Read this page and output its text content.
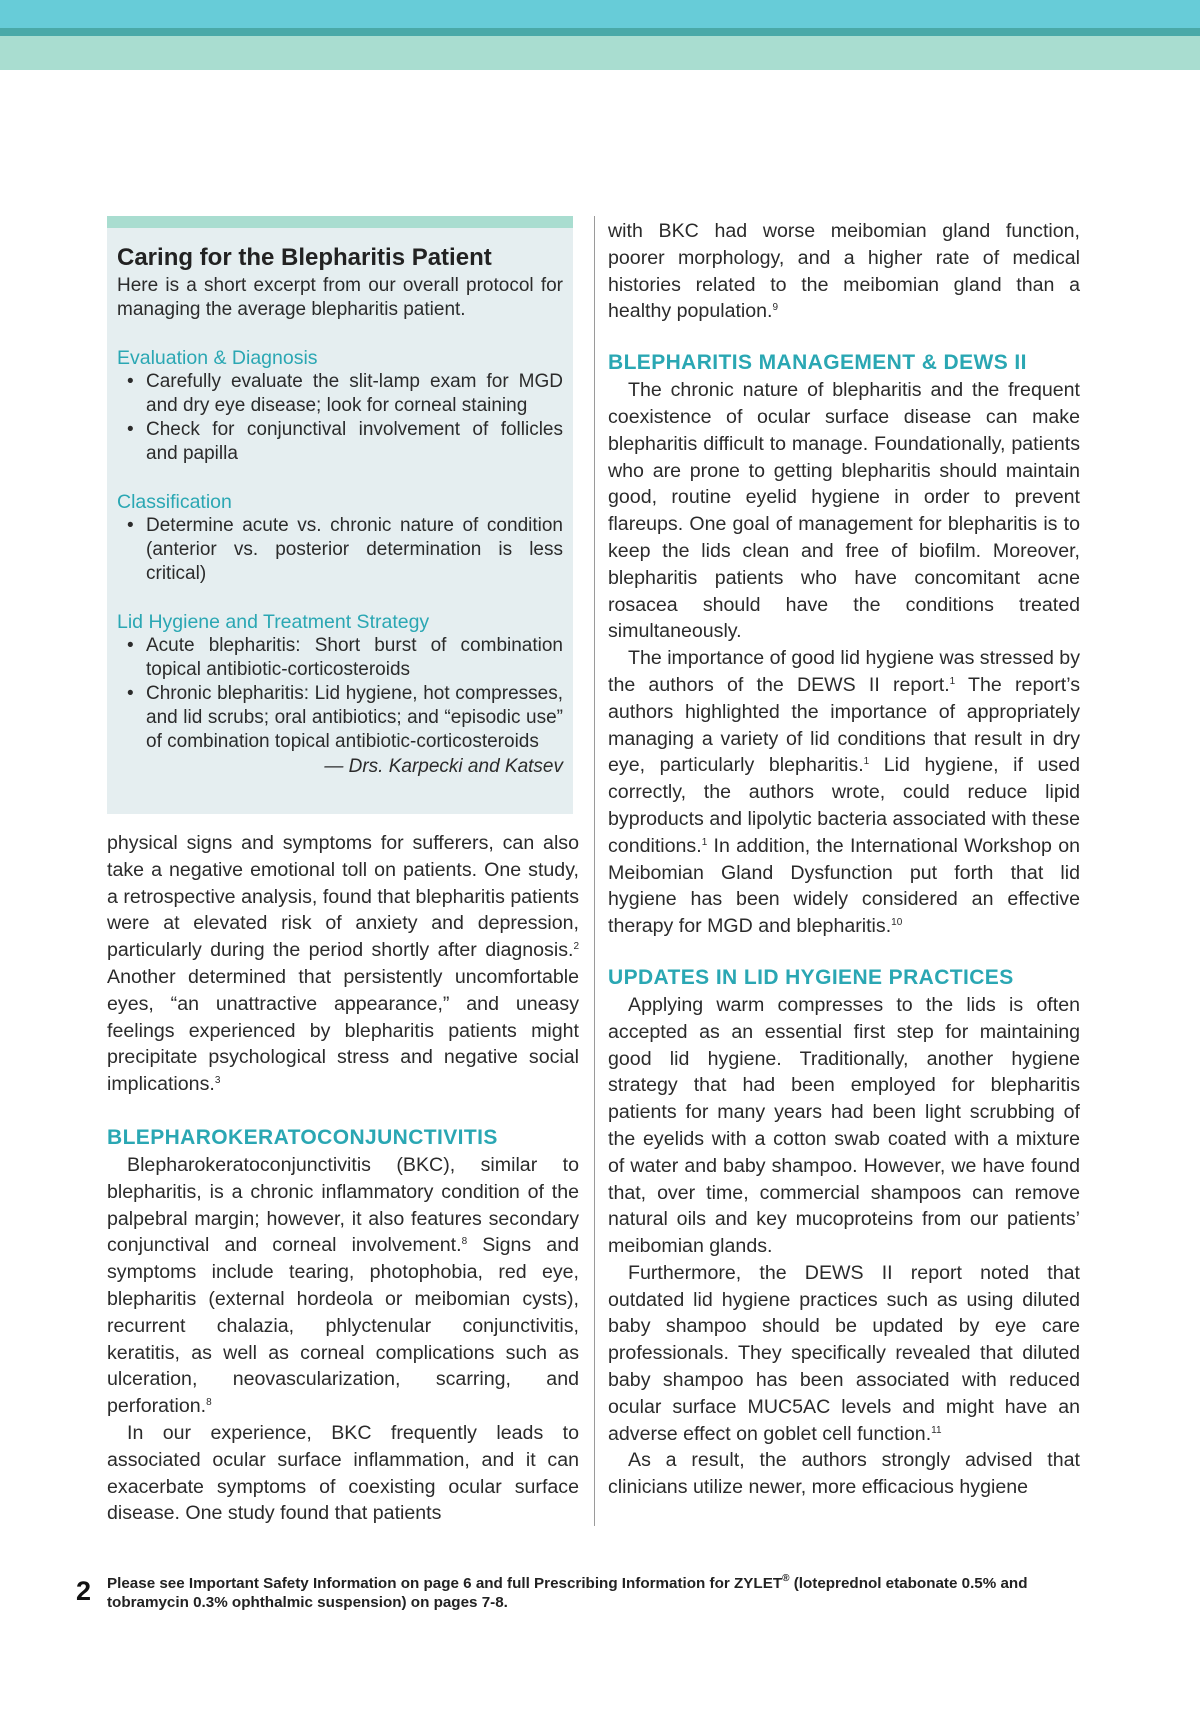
Caring for the Blepharitis Patient

Here is a short excerpt from our overall protocol for managing the average blepharitis patient.

Evaluation & Diagnosis

• Carefully evaluate the slit-lamp exam for MGD and dry eye disease; look for corneal staining
• Check for conjunctival involvement of follicles and papilla

Classification

• Determine acute vs. chronic nature of condition (anterior vs. posterior determination is less critical)

Lid Hygiene and Treatment Strategy

• Acute blepharitis: Short burst of combination topical antibiotic-corticosteroids
• Chronic blepharitis: Lid hygiene, hot compresses, and lid scrubs; oral antibiotics; and “episodic use” of combination topical antibiotic-corticosteroids

— Drs. Karpecki and Katsev

physical signs and symptoms for sufferers, can also take a negative emotional toll on patients. One study, a retrospective analysis, found that blepharitis patients were at elevated risk of anxiety and depression, particularly during the period shortly after diagnosis.$^2$ Another determined that persistently uncomfortable eyes, “an unattractive appearance,” and uneasy feelings experienced by blepharitis patients might precipitate psychological stress and negative social implications.$^3$

BLEPHAROKERATOCONJUNCTIVITIS

Blepharokeratoconjunctivitis (BKC), similar to blepharitis, is a chronic inflammatory condition of the palpebral margin; however, it also features secondary conjunctival and corneal involvement.$^8$ Signs and symptoms include tearing, photophobia, red eye, blepharitis (external hordeola or meibomian cysts), recurrent chalazia, phlyctenular conjunctivitis, keratitis, as well as corneal complications such as ulceration, neovascularization, scarring, and perforation.$^8$

In our experience, BKC frequently leads to associated ocular surface inflammation, and it can exacerbate symptoms of coexisting ocular surface disease. One study found that patients

with BKC had worse meibomian gland function, poorer morphology, and a higher rate of medical histories related to the meibomian gland than a healthy population.$^9$

BLEPHARITIS MANAGEMENT & DEWS II

The chronic nature of blepharitis and the frequent coexistence of ocular surface disease can make blepharitis difficult to manage. Foundationally, patients who are prone to getting blepharitis should maintain good, routine eyelid hygiene in order to prevent flareups. One goal of management for blepharitis is to keep the lids clean and free of biofilm. Moreover, blepharitis patients who have concomitant acne rosacea should have the conditions treated simultaneously.

The importance of good lid hygiene was stressed by the authors of the DEWS II report.$^1$ The report’s authors highlighted the importance of appropriately managing a variety of lid conditions that result in dry eye, particularly blepharitis.$^1$ Lid hygiene, if used correctly, the authors wrote, could reduce lipid byproducts and lipolytic bacteria associated with these conditions.$^1$ In addition, the International Workshop on Meibomian Gland Dysfunction put forth that lid hygiene has been widely considered an effective therapy for MGD and blepharitis.$^{10}$

UPDATES IN LID HYGIENE PRACTICES

Applying warm compresses to the lids is often accepted as an essential first step for maintaining good lid hygiene. Traditionally, another hygiene strategy that had been employed for blepharitis patients for many years had been light scrubbing of the eyelids with a cotton swab coated with a mixture of water and baby shampoo. However, we have found that, over time, commercial shampoos can remove natural oils and key mucoproteins from our patients’ meibomian glands.

Furthermore, the DEWS II report noted that outdated lid hygiene practices such as using diluted baby shampoo should be updated by eye care professionals. They specifically revealed that diluted baby shampoo has been associated with reduced ocular surface MUC5AC levels and might have an adverse effect on goblet cell function.$^{11}$

As a result, the authors strongly advised that clinicians utilize newer, more efficacious hygiene

2 Please see Important Safety Information on page 6 and full Prescribing Information for ZYLET® (loteprednol etabonate 0.5% and tobramycin 0.3% ophthalmic suspension) on pages 7-8.
